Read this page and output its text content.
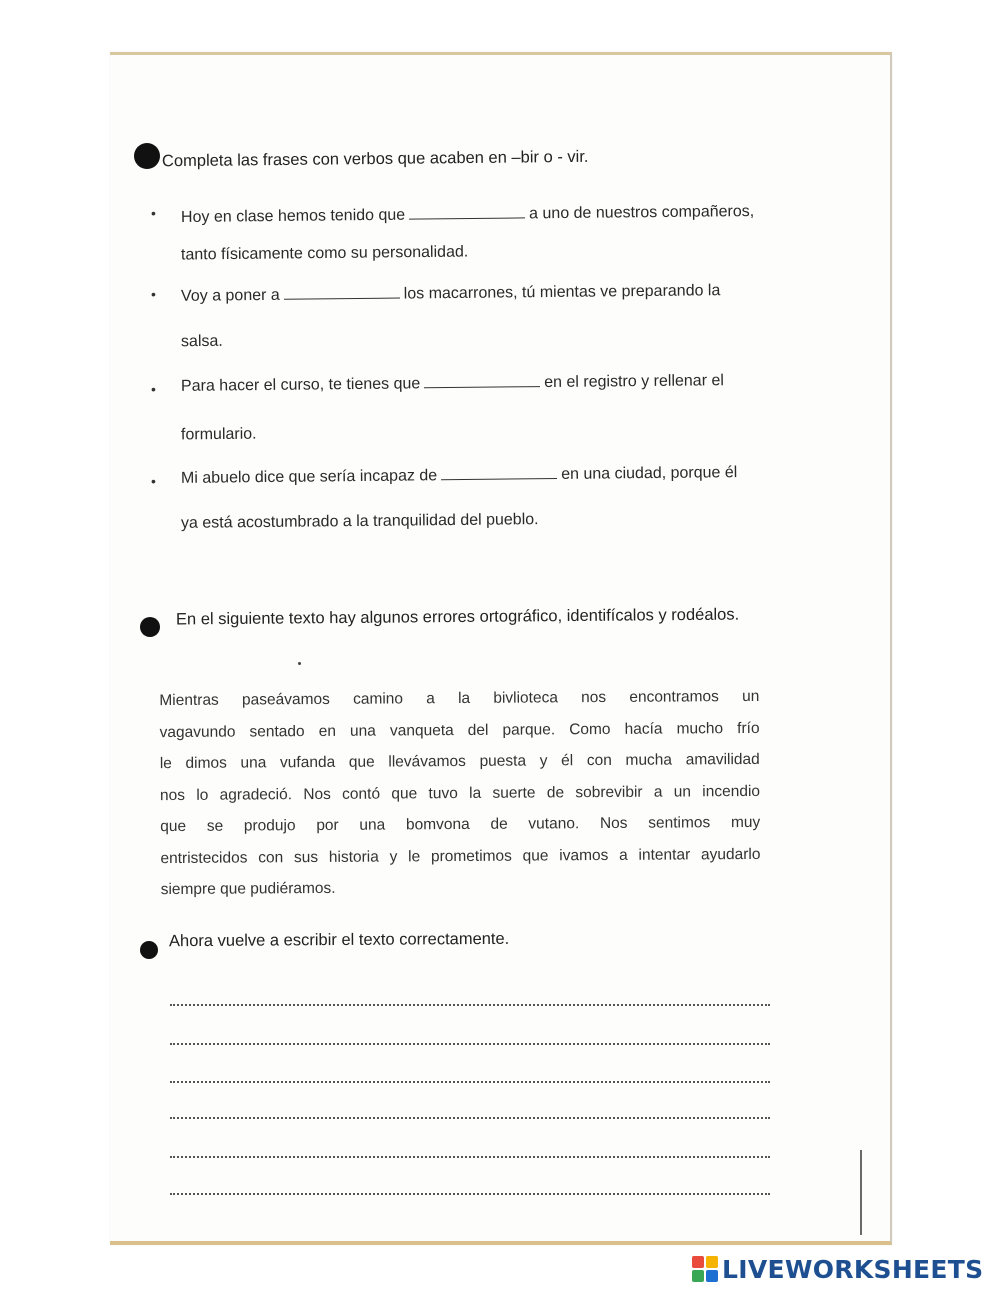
Completa las frases con verbos que acaben en –bir o - vir.
• Hoy en clase hemos tenido que	a uno de nuestros compañeros,
tanto físicamente como su personalidad.
• Voy a poner a	los macarrones, tú mientas ve preparando la
salsa.
• Para hacer el curso, te tienes que	en el registro y rellenar el
formulario.
• Mi abuelo dice que sería incapaz de	en una ciudad, porque él
ya está acostumbrado a la tranquilidad del pueblo.
En el siguiente texto hay algunos errores ortográfico, identifícalos y rodéalos.
Mientras paseávamos camino a la bivlioteca nos encontramos un
vagavundo sentado en una vanqueta del parque. Como hacía mucho frío
le dimos una vufanda que llevávamos puesta y él con mucha amavilidad
nos lo agradeció. Nos contó que tuvo la suerte de sobrevibir a un incendio
que se produjo por una bomvona de vutano. Nos sentimos muy
entristecidos con sus historia y le prometimos que ivamos a intentar ayudarlo
siempre que pudiéramos.
Ahora vuelve a escribir el texto correctamente.
LIVEWORKSHEETS
